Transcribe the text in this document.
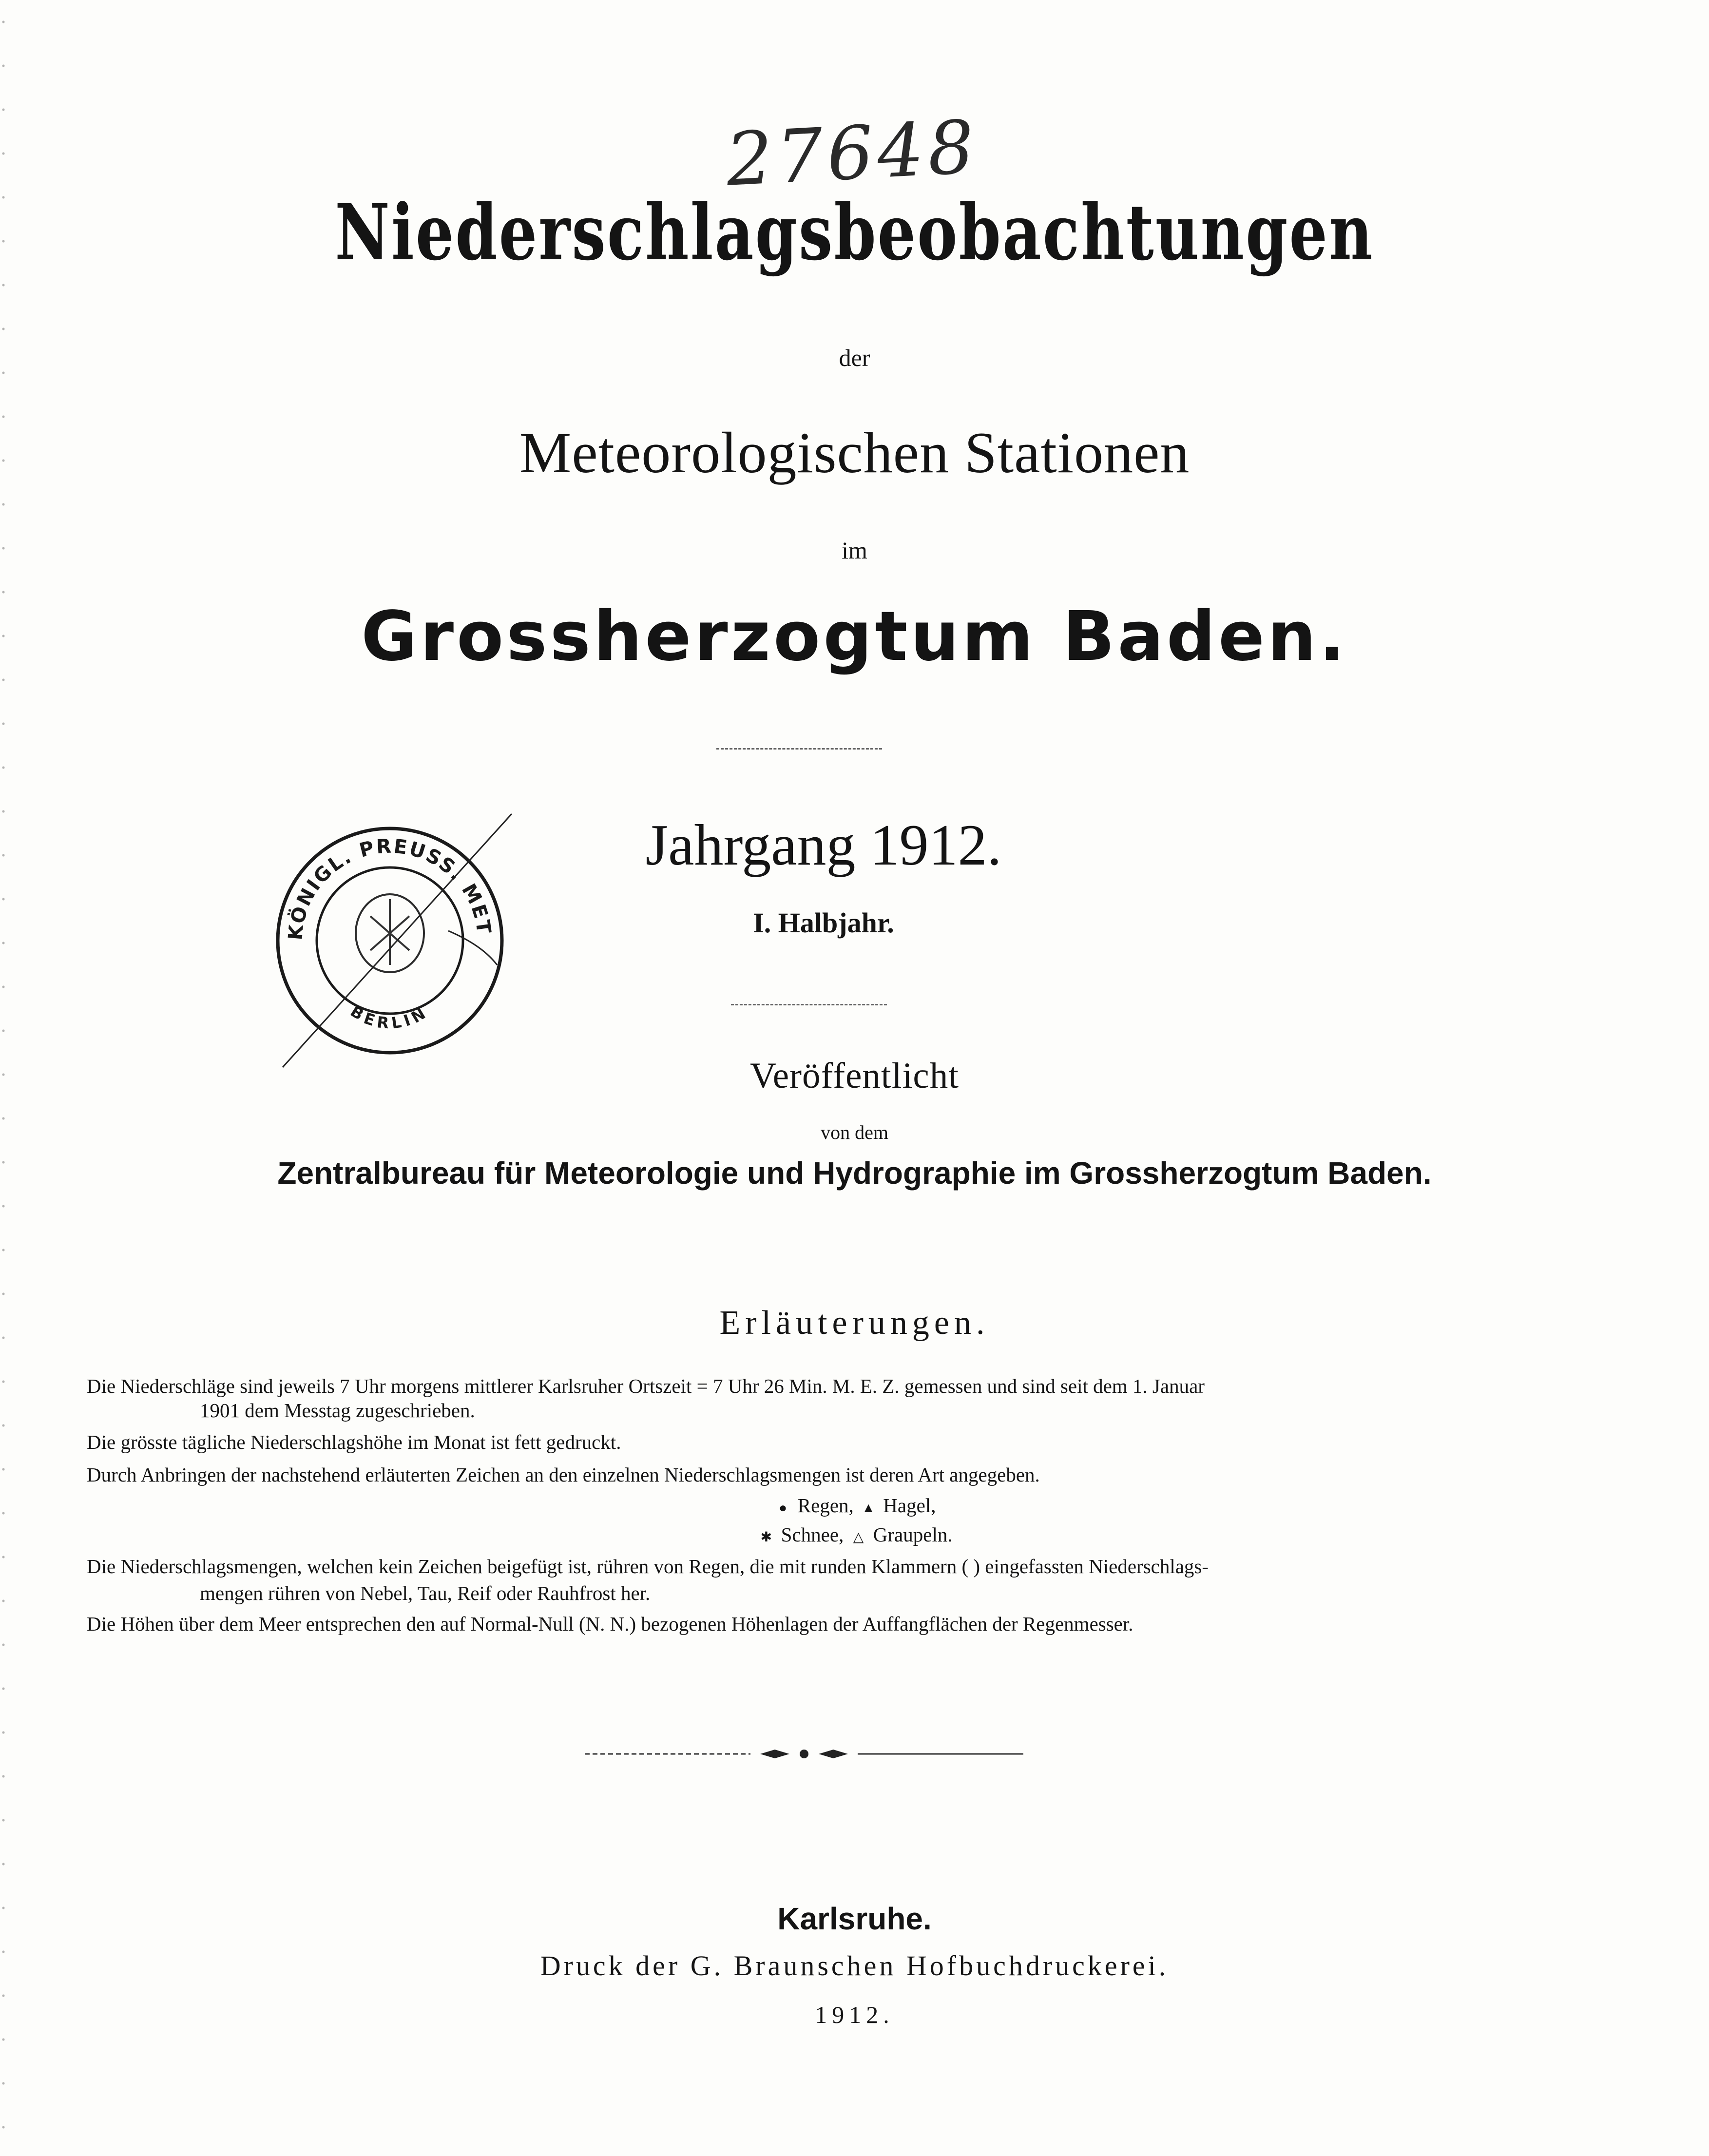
27648
Niederschlagsbeobachtungen
der
Meteorologischen Stationen
im
Grossherzogtum Baden.
KÖNIGL. PREUSS. MET
BERLIN
Jahrgang 1912.
I. Halbjahr.
Veröffentlicht
von dem
Zentralbureau für Meteorologie und Hydrographie im Grossherzogtum Baden.
Erläuterungen.
Die Niederschläge sind jeweils 7 Uhr morgens mittlerer Karlsruher Ortszeit = 7 Uhr 26 Min. M. E. Z. gemessen und sind seit dem 1. Januar
1901 dem Messtag zugeschrieben.
Die grösste tägliche Niederschlagshöhe im Monat ist fett gedruckt.
Durch Anbringen der nachstehend erläuterten Zeichen an den einzelnen Niederschlagsmengen ist deren Art angegeben.
● Regen, ▲ Hagel,
✱ Schnee, △ Graupeln.
Die Niederschlagsmengen, welchen kein Zeichen beigefügt ist, rühren von Regen, die mit runden Klammern ( ) eingefassten Niederschlags-
mengen rühren von Nebel, Tau, Reif oder Rauhfrost her.
Die Höhen über dem Meer entsprechen den auf Normal-Null (N. N.) bezogenen Höhenlagen der Auffangflächen der Regenmesser.
Karlsruhe.
Druck der G. Braunschen Hofbuchdruckerei.
1912.
